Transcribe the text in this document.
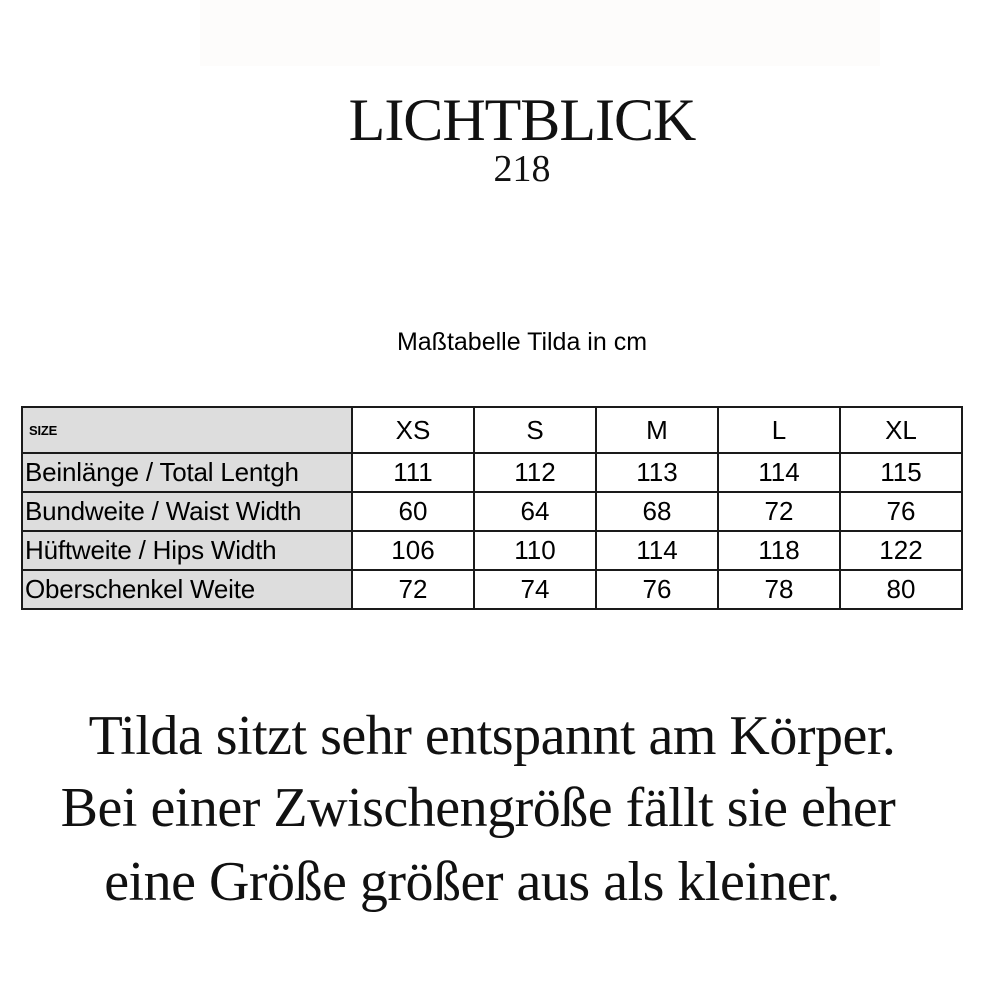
LICHTBLICK
218
Maßtabelle Tilda in cm
SIZE	XS	S	M	L	XL
Beinlänge / Total Lentgh	111	112	113	114	115
Bundweite / Waist Width	60	64	68	72	76
Hüftweite / Hips Width	106	110	114	118	122
Oberschenkel Weite	72	74	76	78	80
Tilda sitzt sehr entspannt am Körper.
Bei einer Zwischengröße fällt sie eher
eine Größe größer aus als kleiner.
